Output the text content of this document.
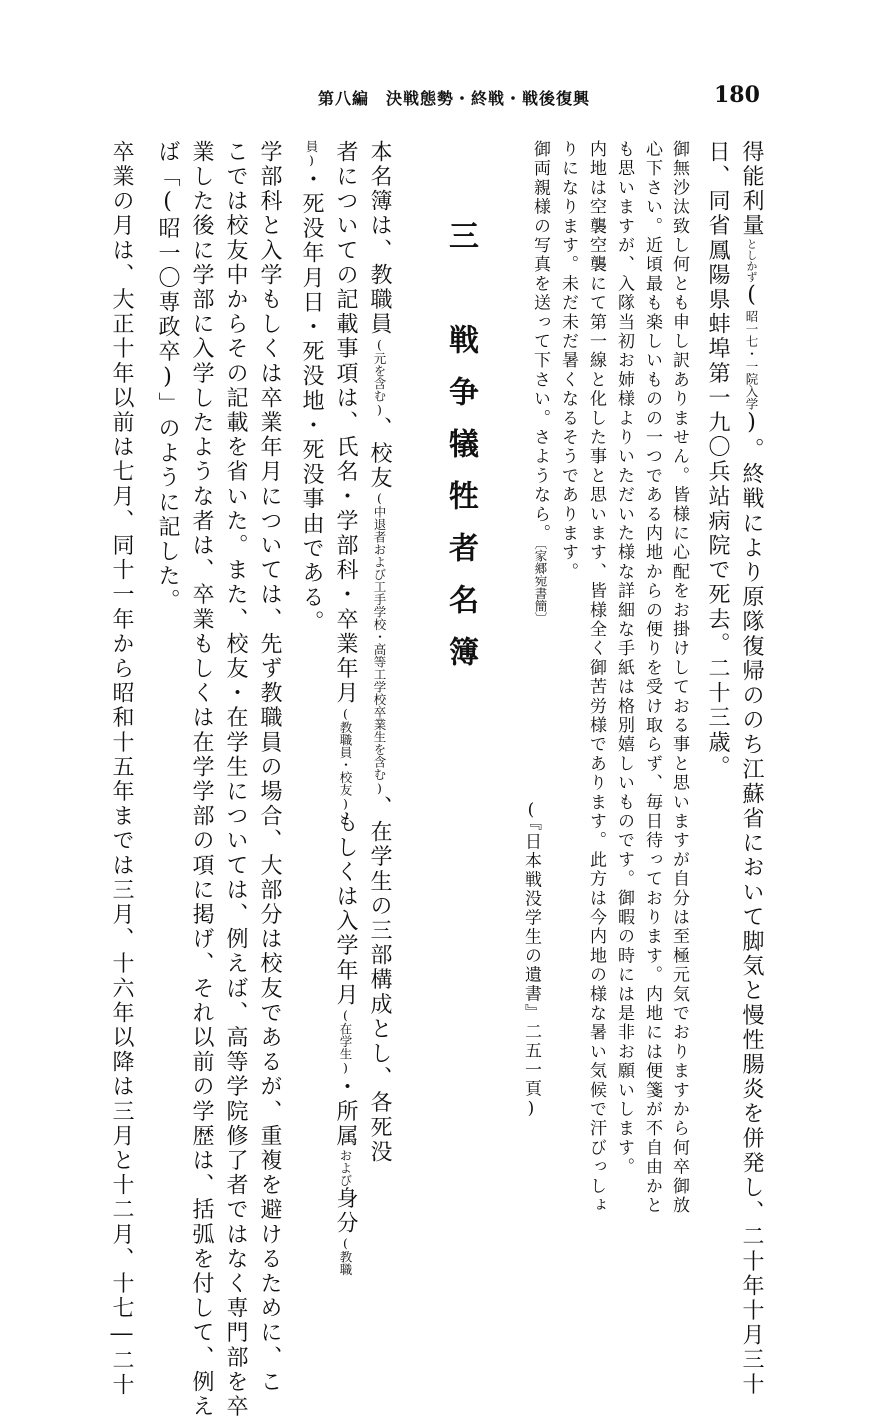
第八編　決戦態勢・終戦・戦後復興	180
得能利量としかず(昭一七・一院入学)。終戦により原隊復帰ののち江蘇省において脚気と慢性腸炎を併発し、二十年十月三十
日、同省鳳陽県蚌埠第一九〇兵站病院で死去。二十三歳。
御無沙汰致し何とも申し訳ありません。皆様に心配をお掛けしておる事と思いますが自分は至極元気でおりますから何卒御放
心下さい。近頃最も楽しいものの一つである内地からの便りを受け取らず、毎日待っております。内地には便箋が不自由かと
も思いますが、入隊当初お姉様よりいただいた様な詳細な手紙は格別嬉しいものです。御暇の時には是非お願いします。
内地は空襲空襲にて第一線と化した事と思います、皆様全く御苦労様であります。此方は今内地の様な暑い気候で汗びっしょ
りになります。未だ未だ暑くなるそうであります。
御両親様の写真を送って下さい。さようなら。〔家郷宛書簡〕
(『日本戦没学生の遺書』二五一頁)
三　戦争犠牲者名簿
本名簿は、教職員(元を含む)、校友(中退者および工手学校・高等工学校卒業生を含む)、在学生の三部構成とし、各死没
者についての記載事項は、氏名・学部科・卒業年月(教職員・校友)もしくは入学年月(在学生)・所属および身分(教職
員)・死没年月日・死没地・死没事由である。
学部科と入学もしくは卒業年月については、先ず教職員の場合、大部分は校友であるが、重複を避けるために、こ
こでは校友中からその記載を省いた。また、校友・在学生については、例えば、高等学院修了者ではなく専門部を卒
業した後に学部に入学したような者は、卒業もしくは在学学部の項に掲げ、それ以前の学歴は、括弧を付して、例え
ば「(昭一〇専政卒)」のように記した。
卒業の月は、大正十年以前は七月、同十一年から昭和十五年までは三月、十六年以降は三月と十二月、十七―二十
